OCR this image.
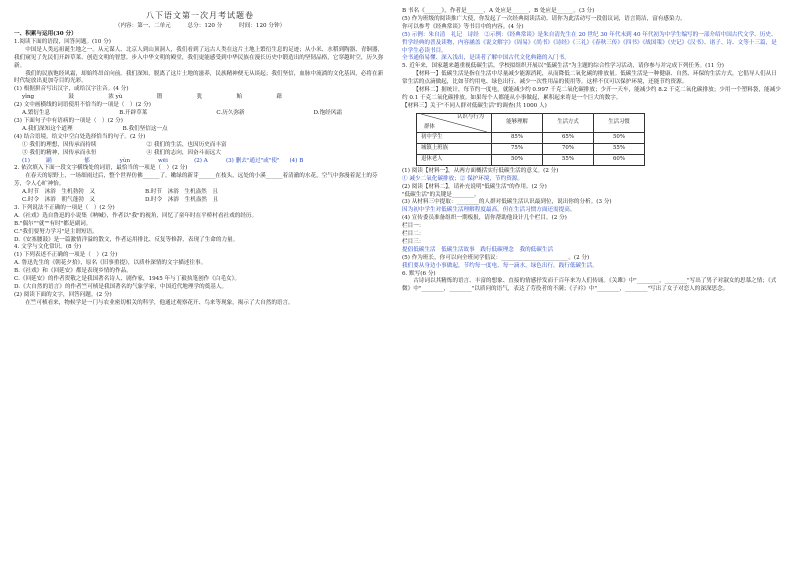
八下语文第一次月考试题卷
（内容：第一、二单元　　　总分：120 分　　　时间：120 分钟）

一、积累与运用(30 分）

1.阅读下面的语段，回答问题。(10 分)

中国是人类远祖诞生地之一。从元谋人、北京人到山顶洞人，我们看到了远古人类在这片土地上繁衍生息的足迹；从小米、水稻到陶器、青铜器，我们窥见了先民们开辟草莱、创造文明的智慧。步入中华文明的殿堂，我们更能感受到中华民族在漫长历史中锻造出的坚韧品格，它穿越时空，历久弥新。

我们的民族饱经风霜，却始终昂首向前。我们深知，脱离了这片土地的滋养，民族精神便无从谈起；我们坚信，血脉中流淌的文化基因，必将在新时代绽放出更加夺目的光彩。

(1) 根据拼音写出汉字，或给汉字注音。(4 分)

yǐng	鼓	浓 yù	锻	犹	鲐	藉

(2) 文中画横线的词语使用不恰当的一项是（　）(2 分)

A.繁衍生息	B.开辟草莱	C.历久弥新	D.饱经风霜

(3) 下面句子中有语病的一项是（　）(2 分)

A.我们深知这个道理	B.我们坚信这一点

(4) 结合语境，给文中空白处选择恰当的句子。(2 分)

① 我们的理想，因传承而持续	② 我们的生活，也因历史而丰富
③ 我们的精神，因传承而永恒	④ 我们的志向，因奋斗而远大
(1)	踊	郁	yùn	wēi	(2) A	(3) 删去"通过"或"使" (4) B

2. 依次填入下面一段文字横线处的词语，最恰当的一项是（　）(2 分)

在春天的原野上，一场细雨过后，整个世界仿佛______了。嫩绿的新芽______在枝头，远处的小溪______着清澈的水花，空气中弥漫着泥土的芬芳，令人心旷神怡。

A.时节　沐浴　生机勃勃　又	B.时节　沐浴　生机盎然　且
C.时令　沐浴　朝气蓬勃　又	D.时令　沐浴　生机盎然　且

3. 下列说法不正确的一项是（　）(2 分)

A.《社戏》选自鲁迅的小说集《呐喊》，作者以"我"的视角，回忆了童年时在平桥村看社戏的经历。

B."偶尔""就""有时"都是副词。

C."我们要努力学习"是主谓短语。

D.《安塞腰鼓》是一篇激情洋溢的散文，作者运用排比、反复等修辞，表现了生命的力量。

4. 文学与文化常识。(8 分)

(1) 下列表述不正确的一项是（　）(2 分)

A. 鲁迅先生的《朝花夕拾》，原名《旧事重提》，以质朴深情的文字描述往事。

B.《社戏》和《回延安》都是表现乡情的作品。

C.《回延安》的作者贺敬之是我国著名诗人、剧作家，1945 年与丁毅执笔创作《白毛女》。

D.《大自然的语言》的作者竺可桢是我国著名的气象学家，中国近代地理学的奠基人。

(2) 阅读下面的文字，回答问题。(2 分)

在竺可桢看来，物候学是一门与农业密切相关的科学，他通过观察花开、鸟来等现象，揭示了大自然的语言。

B 书名《______》，作者是______，A 处应是______，B 处应是______。(3 分)

(5) 作为班级的阅读推广大使，你发起了一次经典阅读活动。请你为此活动写一段倡议词，语言简洁，富有感染力。

你可以参考《经典常谈》等书目中的内容。(4 分)

(5) 示例：朱自清　礼记　诗经　②示例：《经典常谈》是朱自清先生在 20 世纪 30 年代末到 40 年代初为中学生编写的一部介绍中国古代文学、历史、哲学经典的普及读物，内容涵盖《说文解字》《周易》《尚书》《诗经》《三礼》《春秋三传》《四书》《战国策》《史记》《汉书》、诸子、诗、文等十三篇，是中学生必读书目。

全书通俗易懂、深入浅出，是读者了解中国古代文化典籍的入门书。

5. 近年来，国家越来越重视低碳生活，学校拟组织开展以"低碳生活"为主题的综合性学习活动，请你参与并完成下列任务。(11 分)

【材料一】低碳生活是指在生活中尽量减少能源消耗，从而降低二氧化碳的排放量。低碳生活是一种健康、自然、环保的生活方式，它倡导人们从日常生活的点滴做起，比如节约用电、绿色出行、减少一次性用品的使用等。这样不仅可以保护环境，还能节约资源。

【材料二】据统计，每节约一度电，就能减少约 0.997 千克二氧化碳排放；少开一天车，能减少约 8.2 千克二氧化碳排放；少用一个塑料袋，能减少约 0.1 千克二氧化碳排放。如果每个人都能从小事做起，累积起来将是一个巨大的数字。

【材料三】关于"不同人群对低碳生活"的调查(共 1000 人)

认识与行为
群体	能够理解	生活方式	生活习惯
初中学生	85%	65%	50%
城镇上班族	75%	70%	55%
退休老人	50%	55%	60%

(1) 阅读【材料一】，从两方面概括实行低碳生活的意义。(2 分)

① 减少二氧化碳排放；② 保护环境，节约资源。

(2) 阅读【材料二】，请补充说明"低碳生活"的作用。(2 分)

"低碳生活"的关键是________。

(3) 从材料三中提取：________的人群对低碳生活认识最到位，说出你的分析。(3 分)

因为初中学生对低碳生活理解程度最高，但在生活习惯方面还需提高。

(4) 宣传委员准备组织一期板报，请你帮助他设计几个栏目。(2 分)

栏目一：

栏目二：

栏目三：

提倡低碳生活　低碳生活故事　践行低碳理念　我的低碳生活

(5) 作为班长，你可以向全班同学倡议：________________________。(2 分)

我们要从身边小事做起，节约每一度电、每一滴水，绿色出行，践行低碳生活。

6. 默写(6 分)

古诗词以其精炼的语言、丰富的想象、直接的情感抒发而千百年来为人们传诵。《关雎》中"________，________"写出了男子对淑女的思慕之情；《式微》中"________，________"以质问的语气，表达了劳役者的不满；《子衿》中"________，________"写出了女子对恋人的深深思念。
